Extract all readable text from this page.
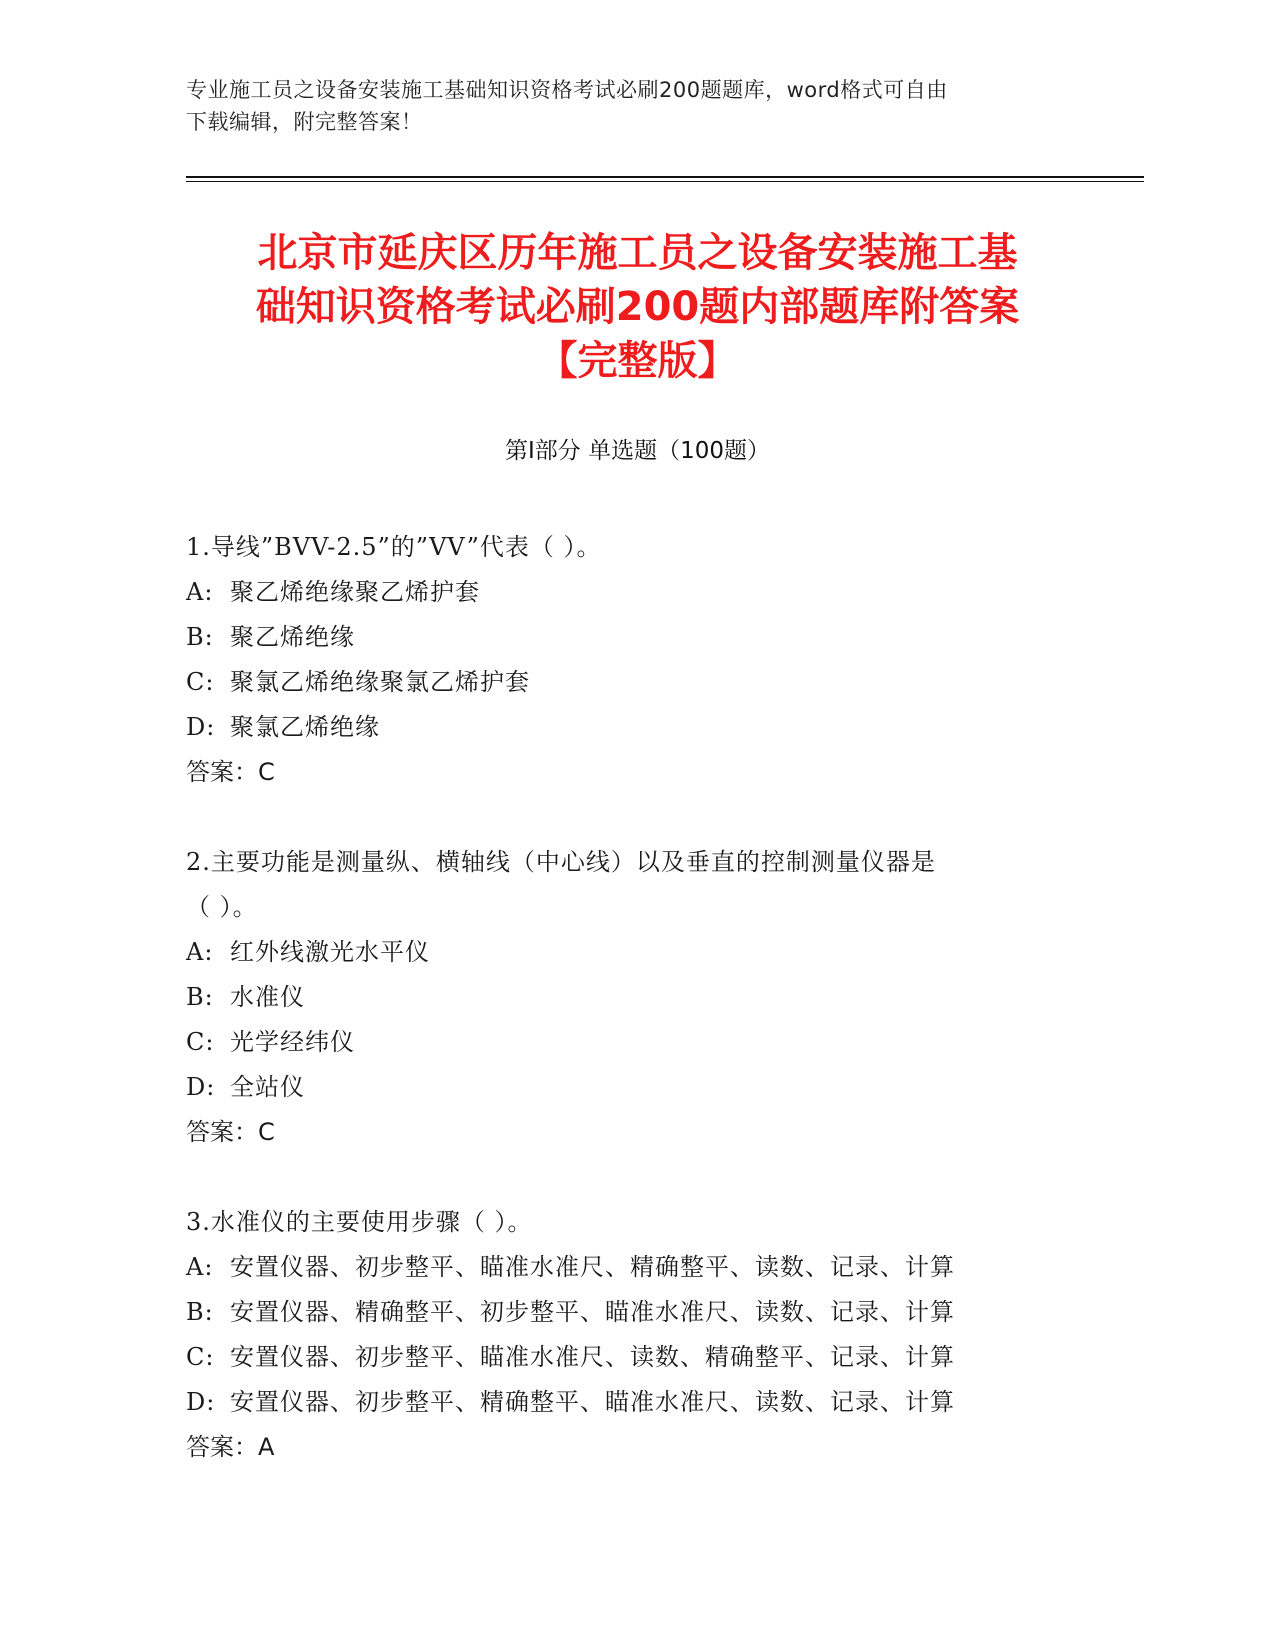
专业施工员之设备安装施工基础知识资格考试必刷200题题库，word格式可自由
下载编辑，附完整答案！
北京市延庆区历年施工员之设备安装施工基
础知识资格考试必刷200题内部题库附答案
【完整版】
第Ⅰ部分 单选题（100题）
1.导线”BVV-2.5”的”VV”代表（ ）。
A: 聚乙烯绝缘聚乙烯护套
B: 聚乙烯绝缘
C: 聚氯乙烯绝缘聚氯乙烯护套
D: 聚氯乙烯绝缘
答案：C
2.主要功能是测量纵、横轴线（中心线）以及垂直的控制测量仪器是
（ ）。
A: 红外线激光水平仪
B: 水准仪
C: 光学经纬仪
D: 全站仪
答案：C
3.水准仪的主要使用步骤（ ）。
A: 安置仪器、初步整平、瞄准水准尺、精确整平、读数、记录、计算
B: 安置仪器、精确整平、初步整平、瞄准水准尺、读数、记录、计算
C: 安置仪器、初步整平、瞄准水准尺、读数、精确整平、记录、计算
D: 安置仪器、初步整平、精确整平、瞄准水准尺、读数、记录、计算
答案：A
